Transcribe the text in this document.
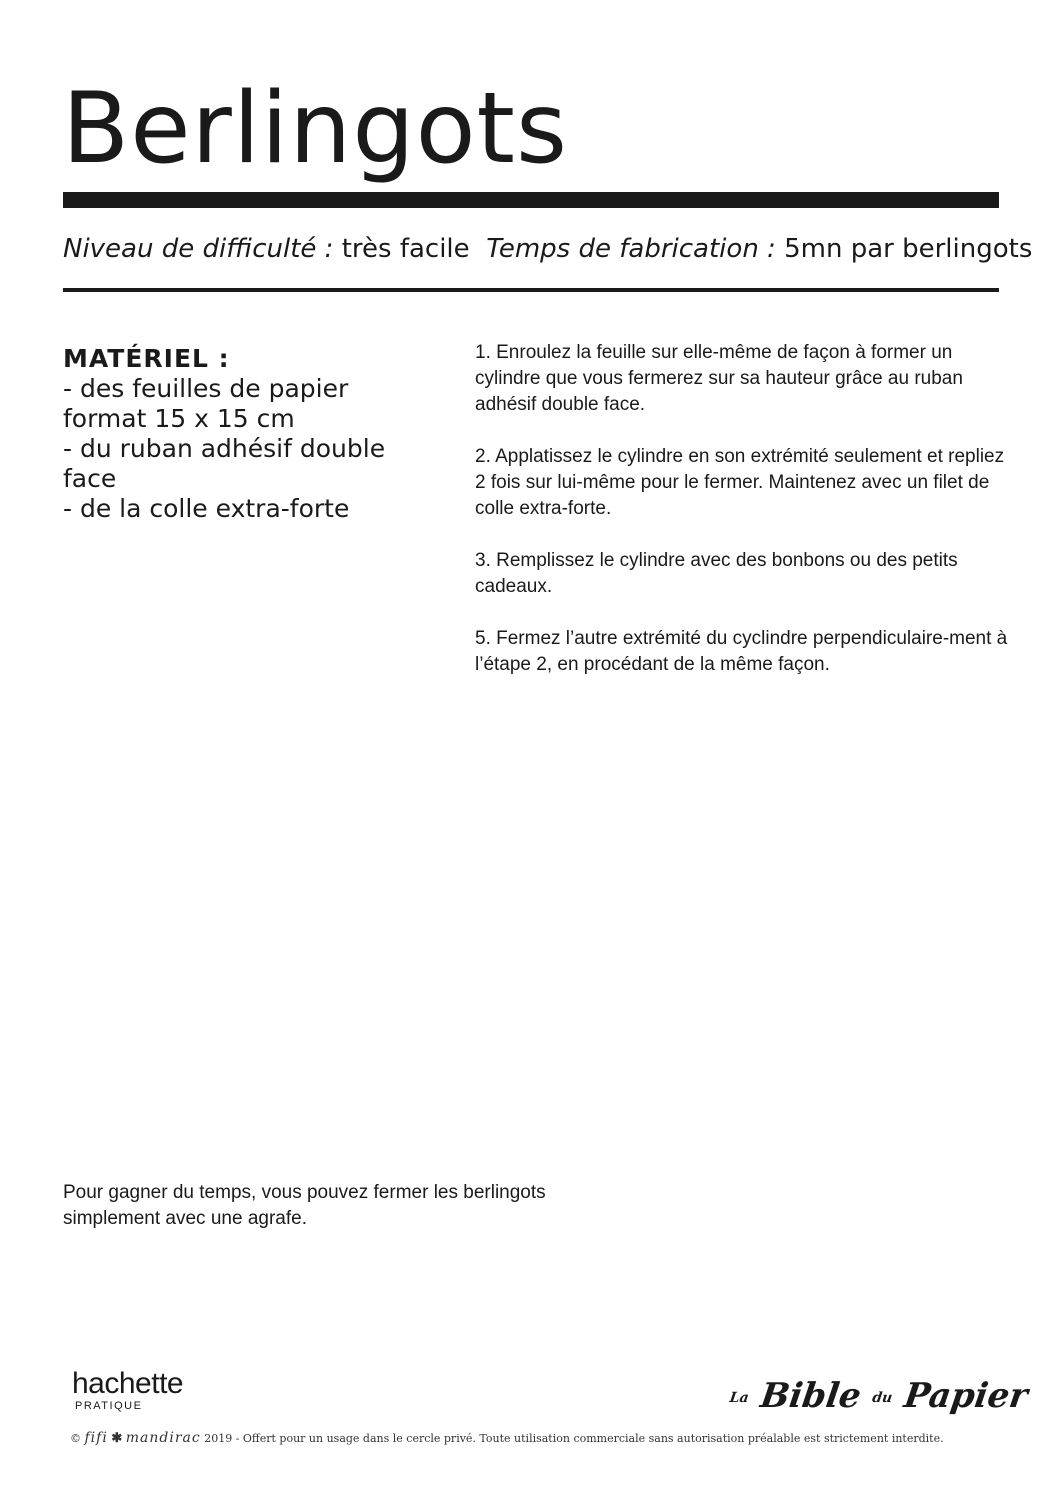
Berlingots
Niveau de difficulté : très facile Temps de fabrication : 5mn par berlingots
MATÉRIEL :
- des feuilles de papier
format 15 x 15 cm
- du ruban adhésif double face
- de la colle extra-forte

1. Enroulez la feuille sur elle-même de façon à former un cylindre que vous fermerez sur sa hauteur grâce au ruban adhésif double face.

2. Applatissez le cylindre en son extrémité seulement et repliez 2 fois sur lui-même pour le fermer. Maintenez avec un filet de colle extra-forte.

3. Remplissez le cylindre avec des bonbons ou des petits cadeaux.

5. Fermez l’autre extrémité du cyclindre perpendiculaire-ment à l’étape 2, en procédant de la même façon.

Pour gagner du temps, vous pouvez fermer les berlingots simplement avec une agrafe.
hachette
PRATIQUE	La Bible du Papier
© fifi ✱ mandirac 2019 - Offert pour un usage dans le cercle privé. Toute utilisation commerciale sans autorisation préalable est strictement interdite.
